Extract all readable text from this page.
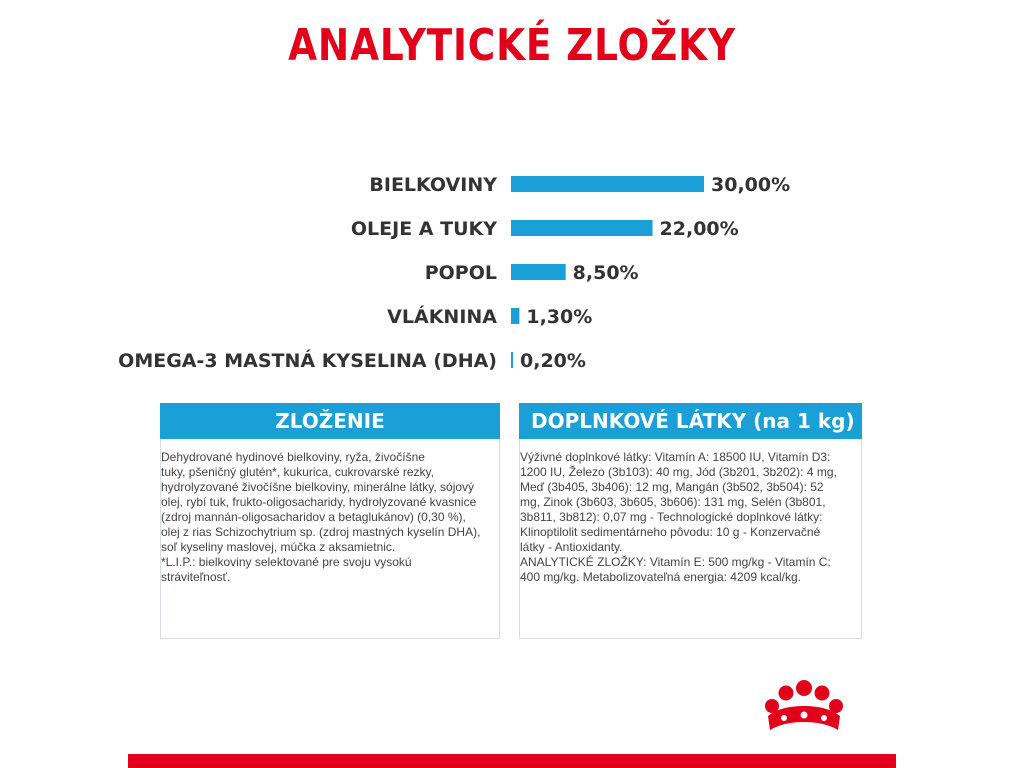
ANALYTICKÉ ZLOŽKY
BIELKOVINY	30,00%
OLEJE A TUKY	22,00%
POPOL	8,50%
VLÁKNINA 1,30%
OMEGA-3 MASTNÁ KYSELINA (DHA) 0,20%
ZLOŽENIE

Dehydrované hydinové bielkoviny, ryža, živočíšne

tuky, pšeničný glutén*, kukurica, cukrovarské rezky,

hydrolyzované živočíšne bielkoviny, minerálne látky, sójový

olej, rybí tuk, frukto-oligosacharidy, hydrolyzované kvasnice

(zdroj mannán-oligosacharidov a betaglukánov) (0,30 %),

olej z rias Schizochytrium sp. (zdroj mastných kyselín DHA),

soľ kyseliny maslovej, múčka z aksamietnic.

*L.I.P.: bielkoviny selektované pre svoju vysokú

stráviteľnosť.

DOPLNKOVÉ LÁTKY (na 1 kg)

Výživné doplnkové látky: Vitamín A: 18500 IU, Vitamín D3:

1200 IU, Železo (3b103): 40 mg, Jód (3b201, 3b202): 4 mg,

Meď (3b405, 3b406): 12 mg, Mangán (3b502, 3b504): 52

mg, Zinok (3b603, 3b605, 3b606): 131 mg, Selén (3b801,

3b811, 3b812): 0,07 mg - Technologické doplnkové látky:

Klinoptilolit sedimentárneho pôvodu: 10 g - Konzervačné

látky - Antioxidanty.

ANALYTICKÉ ZLOŽKY: Vitamín E: 500 mg/kg - Vitamín C:

400 mg/kg. Metabolizovateľná energia: 4209 kcal/kg.
